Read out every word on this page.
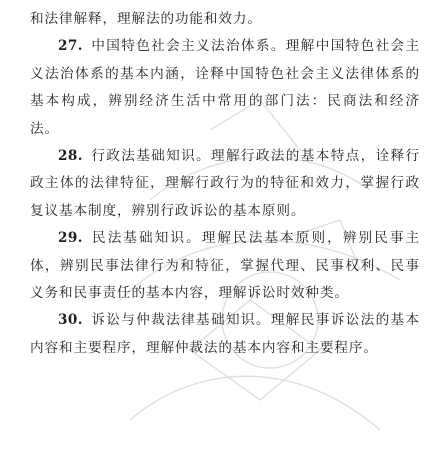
和法律解释，理解法的功能和效力。

27. 中国特色社会主义法治体系。理解中国特色社会主义法治体系的基本内涵，诠释中国特色社会主义法律体系的基本构成，辨别经济生活中常用的部门法：民商法和经济法。

28. 行政法基础知识。理解行政法的基本特点，诠释行政主体的法律特征，理解行政行为的特征和效力，掌握行政复议基本制度，辨别行政诉讼的基本原则。

29. 民法基础知识。理解民法基本原则，辨别民事主体，辨别民事法律行为和特征，掌握代理、民事权利、民事义务和民事责任的基本内容，理解诉讼时效种类。

30. 诉讼与仲裁法律基础知识。理解民事诉讼法的基本内容和主要程序，理解仲裁法的基本内容和主要程序。
